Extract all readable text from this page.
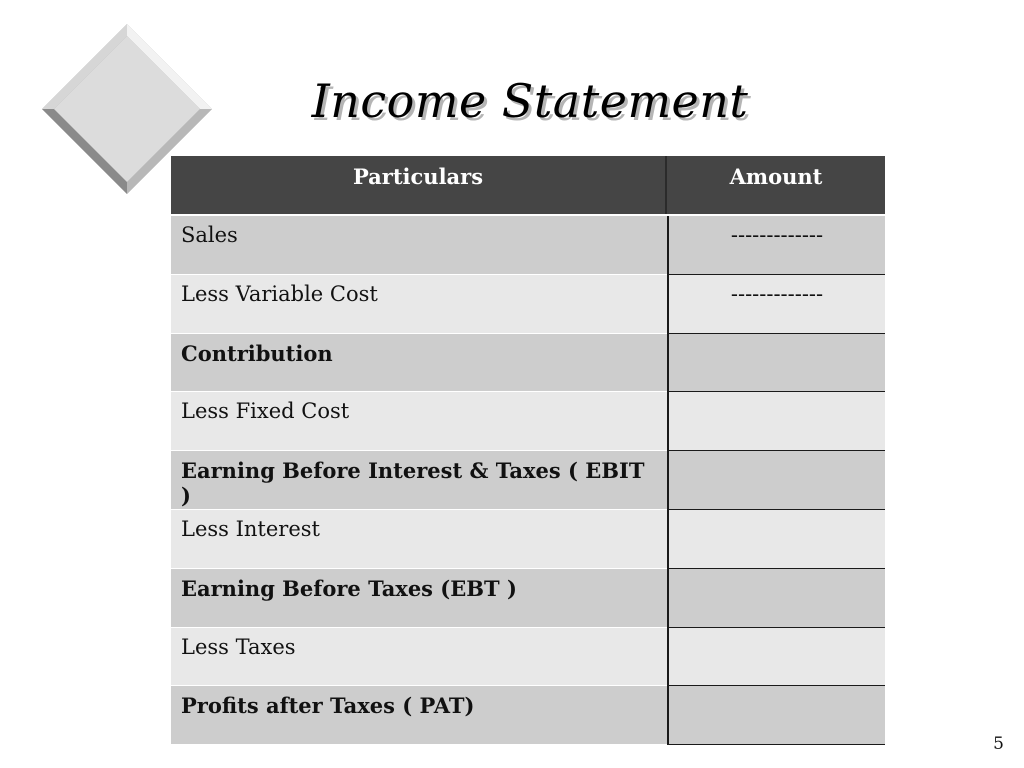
Income Statement
Particulars	Amount
Sales	-------------
Less Variable Cost	-------------
Contribution
Less Fixed Cost
Earning Before Interest & Taxes ( EBIT )
Less Interest
Earning Before Taxes (EBT )
Less Taxes
Profits after Taxes ( PAT)
5
